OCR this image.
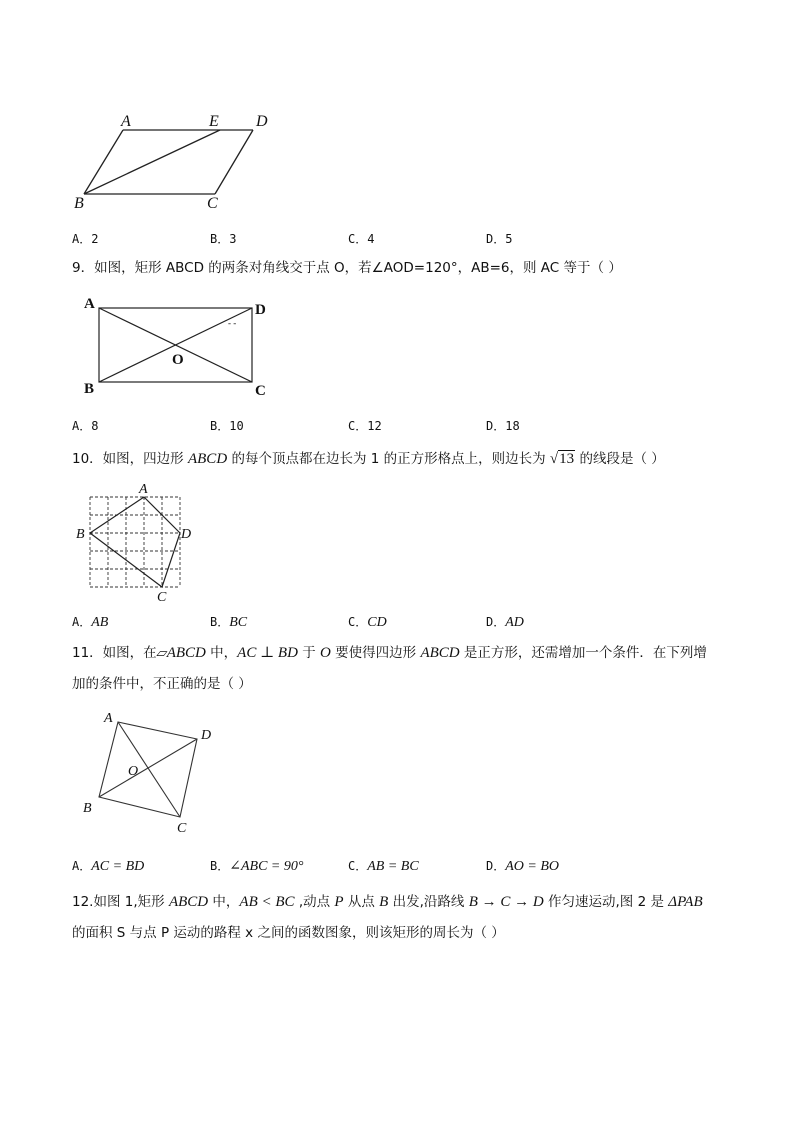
A	E D
B	C
A．2	B．3	C．4	D．5
9．如图，矩形 ABCD 的两条对角线交于点 O，若∠AOD=120°，AB=6，则 AC 等于（ ）
A	D
B	C
O
- -
A．8	B．10	C．12	D．18
10．如图，四边形 ABCD 的每个顶点都在边长为 1 的正方形格点上，则边长为 √13 的线段是（ ）
A
B	D
C
A．AB	B．BC	C．CD	D．AD
11．如图，在▱ABCD 中，AC ⊥ BD 于 O 要使得四边形 ABCD 是正方形，还需增加一个条件．在下列增
加的条件中，不正确的是（ ）
A
D
B
C
O
A．AC = BD	B．∠ABC = 90°	C．AB = BC	D．AO = BO
12.如图 1,矩形 ABCD 中，AB < BC ,动点 P 从点 B 出发,沿路线 B → C → D 作匀速运动,图 2 是 ΔPAB
的面积 S 与点 P 运动的路程 x 之间的函数图象，则该矩形的周长为（ ）
